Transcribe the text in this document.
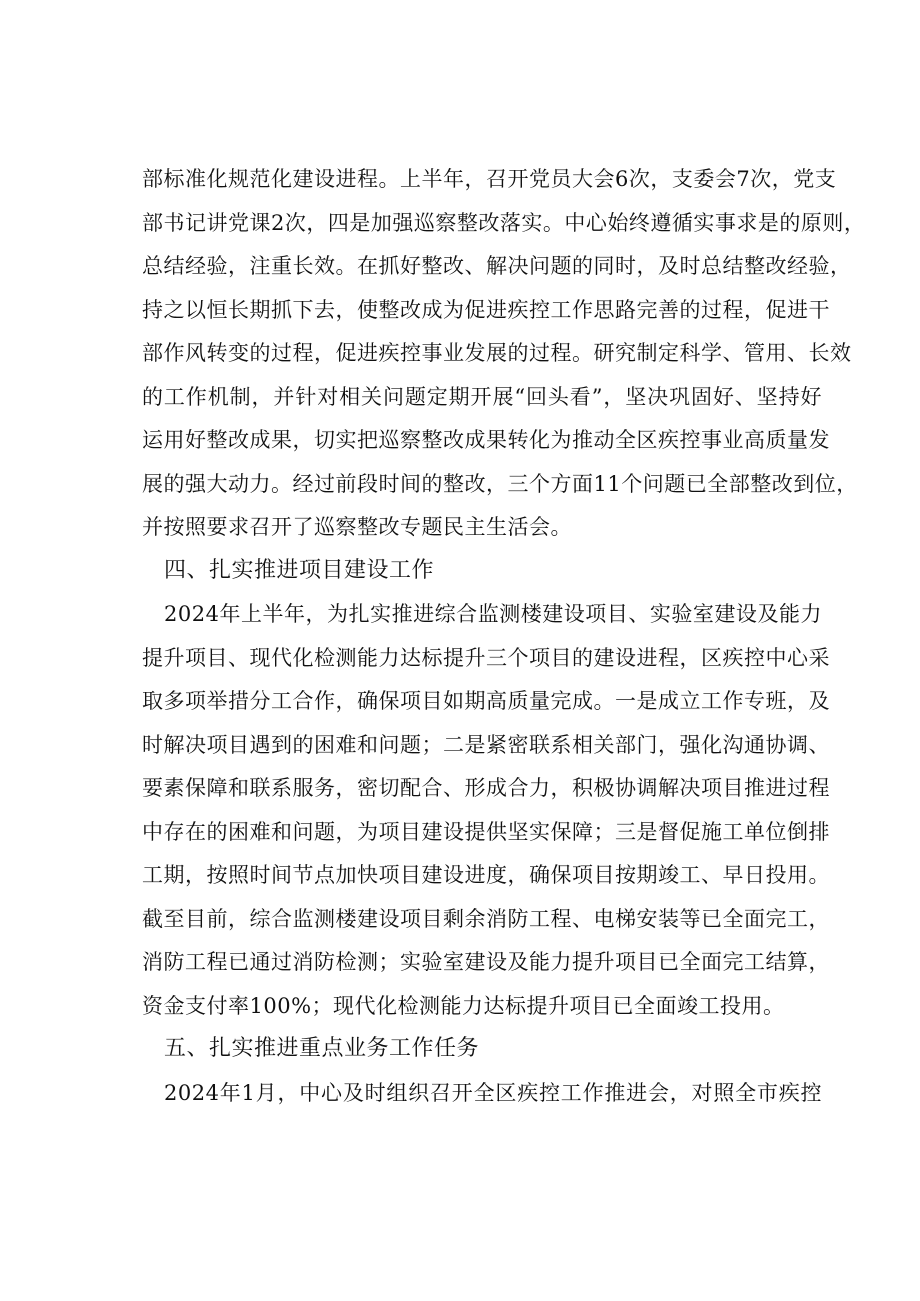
部标准化规范化建设进程。上半年，召开党员大会6次，支委会7次，党支
部书记讲党课2次，四是加强巡察整改落实。中心始终遵循实事求是的原则，
总结经验，注重长效。在抓好整改、解决问题的同时，及时总结整改经验，
持之以恒长期抓下去，使整改成为促进疾控工作思路完善的过程，促进干
部作风转变的过程，促进疾控事业发展的过程。研究制定科学、管用、长效
的工作机制，并针对相关问题定期开展“回头看”，坚决巩固好、坚持好
运用好整改成果，切实把巡察整改成果转化为推动全区疾控事业高质量发
展的强大动力。经过前段时间的整改，三个方面11个问题已全部整改到位，
并按照要求召开了巡察整改专题民主生活会。
四、扎实推进项目建设工作
2024年上半年，为扎实推进综合监测楼建设项目、实验室建设及能力
提升项目、现代化检测能力达标提升三个项目的建设进程，区疾控中心采
取多项举措分工合作，确保项目如期高质量完成。一是成立工作专班，及
时解决项目遇到的困难和问题；二是紧密联系相关部门，强化沟通协调、
要素保障和联系服务，密切配合、形成合力，积极协调解决项目推进过程
中存在的困难和问题，为项目建设提供坚实保障；三是督促施工单位倒排
工期，按照时间节点加快项目建设进度，确保项目按期竣工、早日投用。
截至目前，综合监测楼建设项目剩余消防工程、电梯安装等已全面完工，
消防工程已通过消防检测；实验室建设及能力提升项目已全面完工结算，
资金支付率100%；现代化检测能力达标提升项目已全面竣工投用。
五、扎实推进重点业务工作任务
2024年1月，中心及时组织召开全区疾控工作推进会，对照全市疾控
